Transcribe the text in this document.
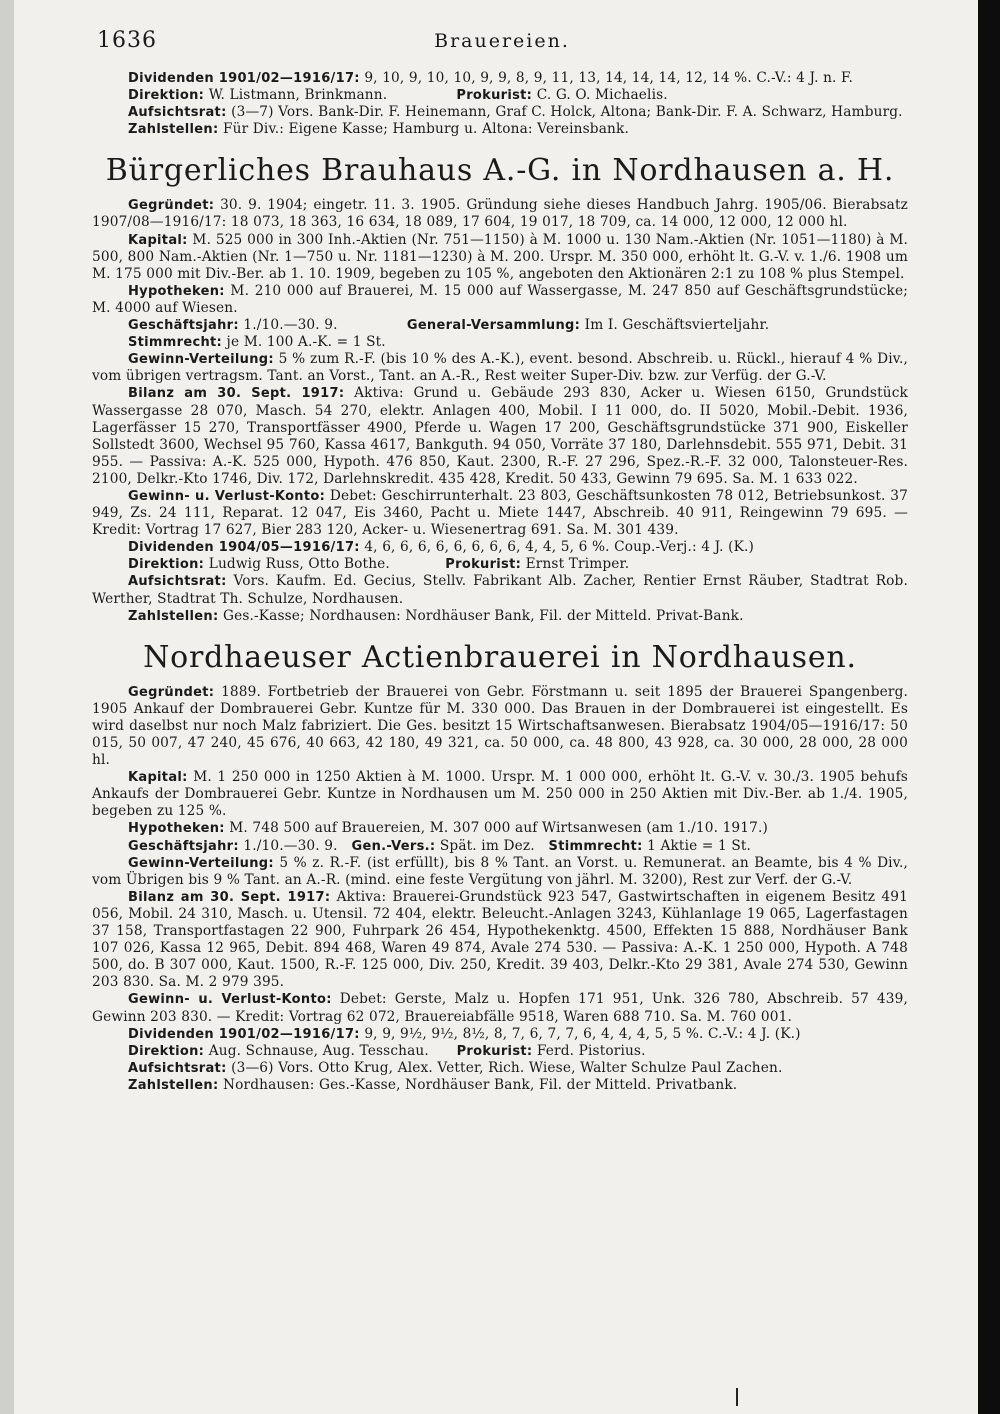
1636	Brauereien.

Dividenden 1901/02—1916/17: 9, 10, 9, 10, 10, 9, 9, 8, 9, 11, 13, 14, 14, 14, 12, 14 %. C.-V.: 4 J. n. F.

Direktion: W. Listmann, Brinkmann.     	Prokurist: C. G. O. Michaelis.

Aufsichtsrat: (3—7) Vors. Bank-Dir. F. Heinemann, Graf C. Holck, Altona; Bank-Dir. F. A. Schwarz, Hamburg.

Zahlstellen: Für Div.: Eigene Kasse; Hamburg u. Altona: Vereinsbank.

Bürgerliches Brauhaus A.-G. in Nordhausen a. H.

Gegründet: 30. 9. 1904; eingetr. 11. 3. 1905. Gründung siehe dieses Handbuch Jahrg. 1905/06. Bierabsatz 1907/08—1916/17: 18 073, 18 363, 16 634, 18 089, 17 604, 19 017, 18 709, ca. 14 000, 12 000, 12 000 hl.

Kapital: M. 525 000 in 300 Inh.-Aktien (Nr. 751—1150) à M. 1000 u. 130 Nam.-Aktien (Nr. 1051—1180) à M. 500, 800 Nam.-Aktien (Nr. 1—750 u. Nr. 1181—1230) à M. 200. Urspr. M. 350 000, erhöht lt. G.-V. v. 1./6. 1908 um M. 175 000 mit Div.-Ber. ab 1. 10. 1909, begeben zu 105 %, angeboten den Aktionären 2:1 zu 108 % plus Stempel.

Hypotheken: M. 210 000 auf Brauerei, M. 15 000 auf Wassergasse, M. 247 850 auf Geschäftsgrundstücke; M. 4000 auf Wiesen.

Geschäftsjahr: 1./10.—30. 9.     	General-Versammlung: Im I. Geschäftsvierteljahr.

Stimmrecht: je M. 100 A.-K. = 1 St.

Gewinn-Verteilung: 5 % zum R.-F. (bis 10 % des A.-K.), event. besond. Abschreib. u. Rückl., hierauf 4 % Div., vom übrigen vertragsm. Tant. an Vorst., Tant. an A.-R., Rest weiter Super-Div. bzw. zur Verfüg. der G.-V.

Bilanz am 30. Sept. 1917: Aktiva: Grund u. Gebäude 293 830, Acker u. Wiesen 6150, Grundstück Wassergasse 28 070, Masch. 54 270, elektr. Anlagen 400, Mobil. I 11 000, do. II 5020, Mobil.-Debit. 1936, Lagerfässer 15 270, Transportfässer 4900, Pferde u. Wagen 17 200, Geschäftsgrundstücke 371 900, Eiskeller Sollstedt 3600, Wechsel 95 760, Kassa 4617, Bankguth. 94 050, Vorräte 37 180, Darlehnsdebit. 555 971, Debit. 31 955. — Passiva: A.-K. 525 000, Hypoth. 476 850, Kaut. 2300, R.-F. 27 296, Spez.-R.-F. 32 000, Talonsteuer-Res. 2100, Delkr.-Kto 1746, Div. 172, Darlehnskredit. 435 428, Kredit. 50 433, Gewinn 79 695. Sa. M. 1 633 022.

Gewinn- u. Verlust-Konto: Debet: Geschirrunterhalt. 23 803, Geschäftsunkosten 78 012, Betriebsunkost. 37 949, Zs. 24 111, Reparat. 12 047, Eis 3460, Pacht u. Miete 1447, Abschreib. 40 911, Reingewinn 79 695. — Kredit: Vortrag 17 627, Bier 283 120, Acker- u. Wiesenertrag 691. Sa. M. 301 439.

Dividenden 1904/05—1916/17: 4, 6, 6, 6, 6, 6, 6, 6, 6, 4, 4, 5, 6 %. Coup.-Verj.: 4 J. (K.)

Direktion: Ludwig Russ, Otto Bothe.    	Prokurist: Ernst Trimper.

Aufsichtsrat: Vors. Kaufm. Ed. Gecius, Stellv. Fabrikant Alb. Zacher, Rentier Ernst Räuber, Stadtrat Rob. Werther, Stadtrat Th. Schulze, Nordhausen.

Zahlstellen: Ges.-Kasse; Nordhausen: Nordhäuser Bank, Fil. der Mitteld. Privat-Bank.

Nordhaeuser Actienbrauerei in Nordhausen.

Gegründet: 1889. Fortbetrieb der Brauerei von Gebr. Förstmann u. seit 1895 der Brauerei Spangenberg. 1905 Ankauf der Dombrauerei Gebr. Kuntze für M. 330 000. Das Brauen in der Dombrauerei ist eingestellt. Es wird daselbst nur noch Malz fabriziert. Die Ges. besitzt 15 Wirtschaftsanwesen. Bierabsatz 1904/05—1916/17: 50 015, 50 007, 47 240, 45 676, 40 663, 42 180, 49 321, ca. 50 000, ca. 48 800, 43 928, ca. 30 000, 28 000, 28 000 hl.

Kapital: M. 1 250 000 in 1250 Aktien à M. 1000. Urspr. M. 1 000 000, erhöht lt. G.-V. v. 30./3. 1905 behufs Ankaufs der Dombrauerei Gebr. Kuntze in Nordhausen um M. 250 000 in 250 Aktien mit Div.-Ber. ab 1./4. 1905, begeben zu 125 %.

Hypotheken: M. 748 500 auf Brauereien, M. 307 000 auf Wirtsanwesen (am 1./10. 1917.)

Geschäftsjahr: 1./10.—30. 9.  Gen.-Vers.: Spät. im Dez.  Stimmrecht: 1 Aktie = 1 St.

Gewinn-Verteilung: 5 % z. R.-F. (ist erfüllt), bis 8 % Tant. an Vorst. u. Remunerat. an Beamte, bis 4 % Div., vom Übrigen bis 9 % Tant. an A.-R. (mind. eine feste Vergütung von jährl. M. 3200), Rest zur Verf. der G.-V.

Bilanz am 30. Sept. 1917: Aktiva: Brauerei-Grundstück 923 547, Gastwirtschaften in eigenem Besitz 491 056, Mobil. 24 310, Masch. u. Utensil. 72 404, elektr. Beleucht.-Anlagen 3243, Kühlanlage 19 065, Lagerfastagen 37 158, Transportfastagen 22 900, Fuhrpark 26 454, Hypothekenktg. 4500, Effekten 15 888, Nordhäuser Bank 107 026, Kassa 12 965, Debit. 894 468, Waren 49 874, Avale 274 530. — Passiva: A.-K. 1 250 000, Hypoth. A 748 500, do. B 307 000, Kaut. 1500, R.-F. 125 000, Div. 250, Kredit. 39 403, Delkr.-Kto 29 381, Avale 274 530, Gewinn 203 830. Sa. M. 2 979 395.

Gewinn- u. Verlust-Konto: Debet: Gerste, Malz u. Hopfen 171 951, Unk. 326 780, Abschreib. 57 439, Gewinn 203 830. — Kredit: Vortrag 62 072, Brauereiabfälle 9518, Waren 688 710. Sa. M. 760 001.

Dividenden 1901/02—1916/17: 9, 9, 9½, 9½, 8½, 8, 7, 6, 7, 7, 6, 4, 4, 4, 5, 5 %. C.-V.: 4 J. (K.)

Direktion: Aug. Schnause, Aug. Tesschau.   Prokurist: Ferd. Pistorius.

Aufsichtsrat: (3—6) Vors. Otto Krug, Alex. Vetter, Rich. Wiese, Walter Schulze Paul Zachen.

Zahlstellen: Nordhausen: Ges.-Kasse, Nordhäuser Bank, Fil. der Mitteld. Privatbank.
